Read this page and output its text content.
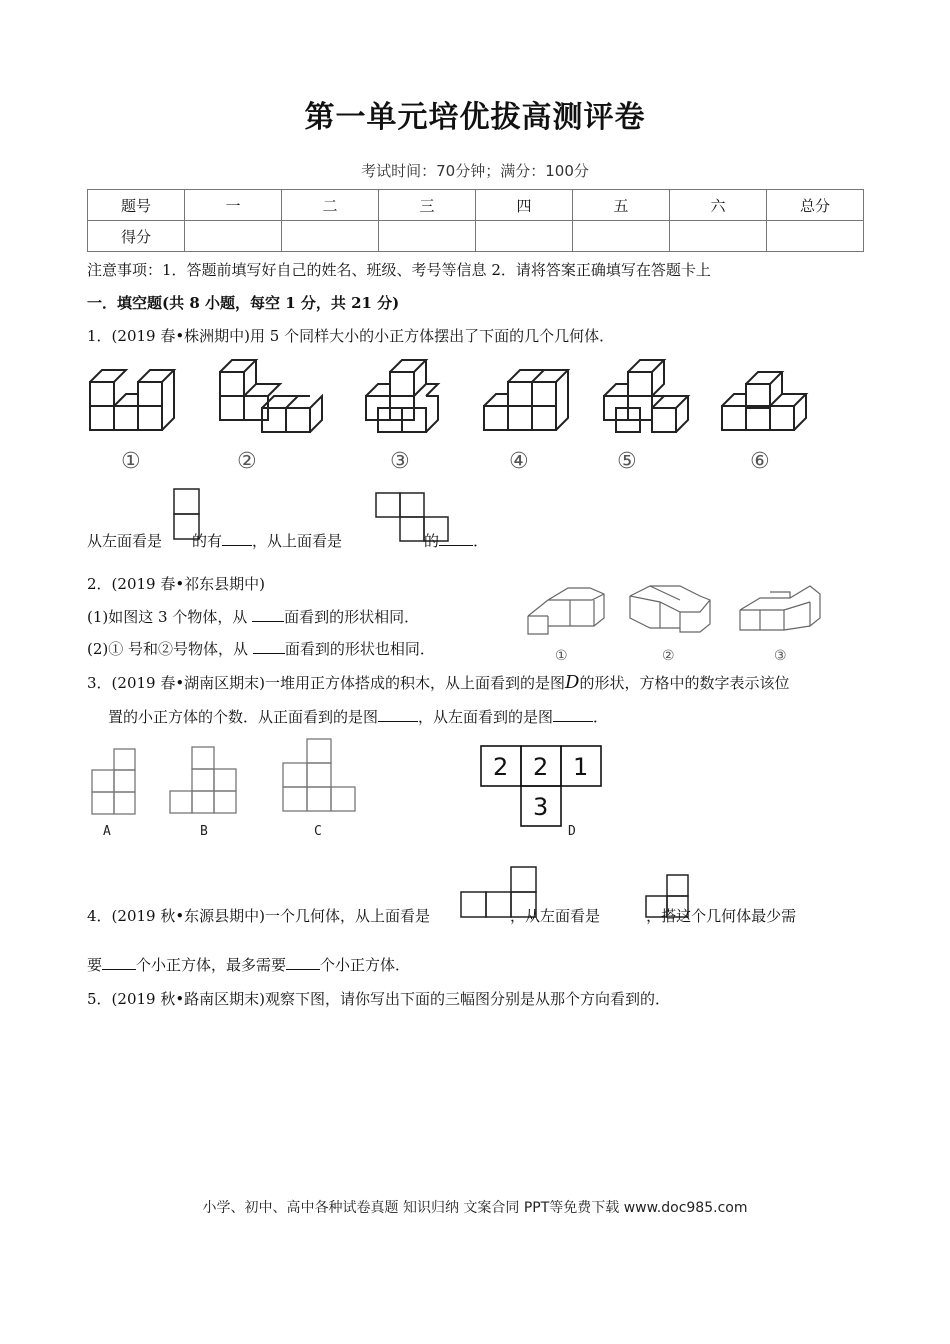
第一单元培优拔高测评卷
考试时间：70分钟；满分：100分
题号	一	二	三	四	五	六	总分
得分							
注意事项：1．答题前填写好自己的姓名、班级、考号等信息 2．请将答案正确填写在答题卡上
一．填空题(共 8 小题，每空 1 分，共 21 分)
1．(2019 春•株洲期中)用 5 个同样大小的小正方体摆出了下面的几个几何体．
①	②	③	④	⑤	⑥
从左面看是 的有 ，从上面看是	的 ．
2．(2019 春•祁东县期中)
(1)如图这 3 个物体，从 面看到的形状相同．
(2)① 号和②号物体，从 面看到的形状也相同．	①	②	③
3．(2019 春•湖南区期末)一堆用正方体搭成的积木，从上面看到的是图D的形状，方格中的数字表示该位
置的小正方体的个数．从正面看到的是图	，从左面看到的是图	．
A	B	C
2 2 1
3
D
4．(2019 秋•东源县期中)一个几何体，从上面看是	，从左面看是	，搭这个几何体最少需
要 个小正方体，最多需要 个小正方体．
5．(2019 秋•路南区期末)观察下图，请你写出下面的三幅图分别是从那个方向看到的．
小学、初中、高中各种试卷真题 知识归纳 文案合同 PPT等免费下载 www.doc985.com
